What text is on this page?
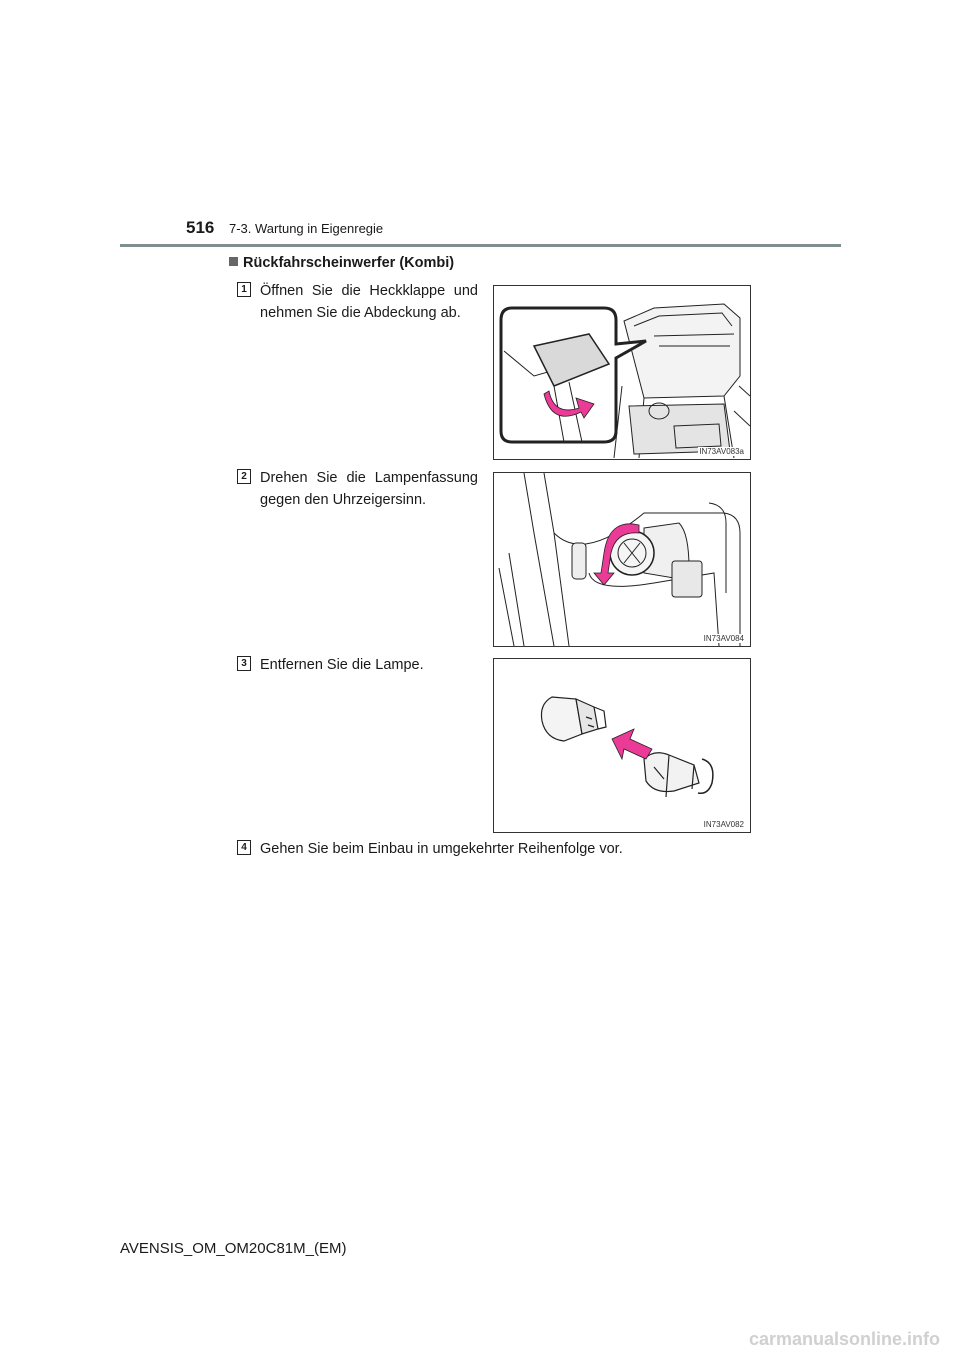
516 7-3. Wartung in Eigenregie
Rückfahrscheinwerfer (Kombi)
1 Öffnen Sie die Heckklappe und nehmen Sie die Abdeckung ab.
IN73AV083a
2 Drehen Sie die Lampenfassung gegen den Uhrzeigersinn.
IN73AV084
3 Entfernen Sie die Lampe.
IN73AV082
4 Gehen Sie beim Einbau in umgekehrter Reihenfolge vor.
AVENSIS_OM_OM20C81M_(EM)
carmanualsonline.info
